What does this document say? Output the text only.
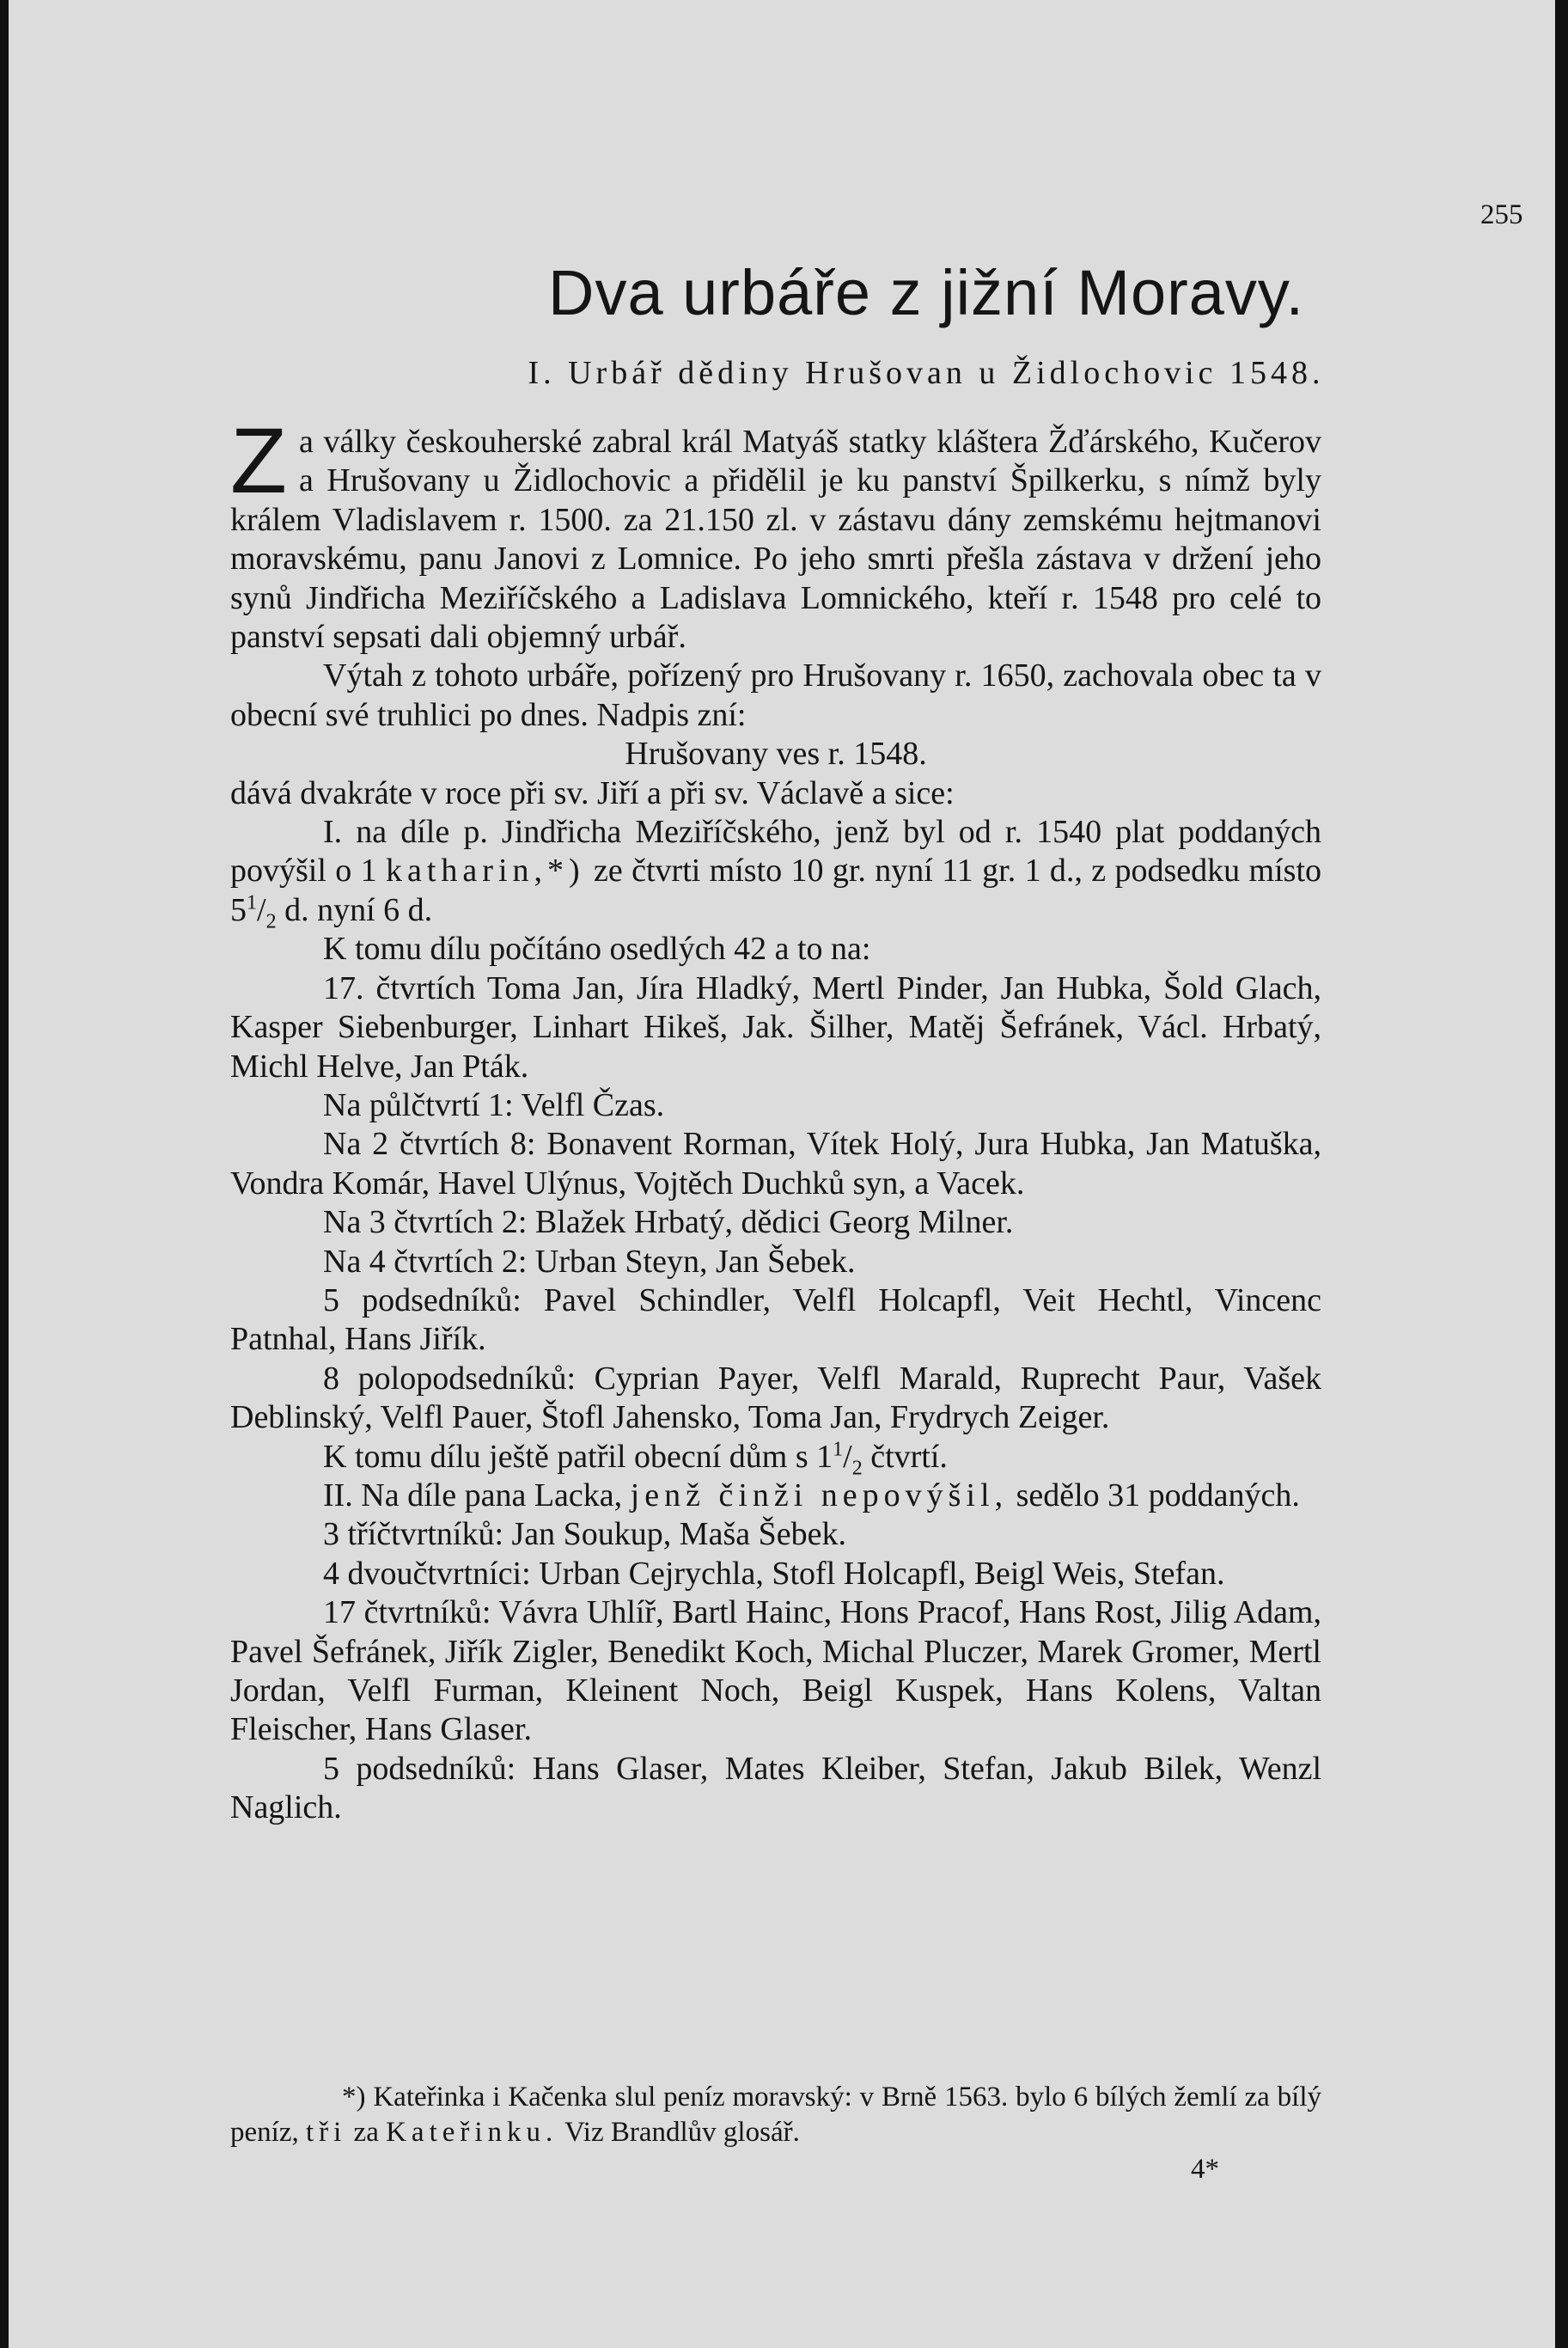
255
Dva urbáře z jižní Moravy.
I. Urbář dědiny Hrušovan u Židlochovic 1548.

Za války českouherské zabral král Matyáš statky kláštera Žďárského, Kučerov a Hrušovany u Židlochovic a přidělil je ku panství Špilkerku, s nímž byly králem Vladislavem r. 1500. za 21.150 zl. v zástavu dány zemskému hejtmanovi moravskému, panu Janovi z Lomnice. Po jeho smrti přešla zástava v držení jeho synů Jindřicha Meziříčského a Ladislava Lomnického, kteří r. 1548 pro celé to panství sepsati dali objemný urbář.

Výtah z tohoto urbáře, pořízený pro Hrušovany r. 1650, zachovala obec ta v obecní své truhlici po dnes. Nadpis zní:

Hrušovany ves r. 1548.

dává dvakráte v roce při sv. Jiří a při sv. Václavě a sice:

I. na díle p. Jindřicha Meziříčského, jenž byl od r. 1540 plat poddaných povýšil o 1 katharin,*) ze čtvrti místo 10 gr. nyní 11 gr. 1 d., z podsedku místo $5^1/_2$ d. nyní 6 d.

K tomu dílu počítáno osedlých 42 a to na:

17. čtvrtích Toma Jan, Jíra Hladký, Mertl Pinder, Jan Hubka, Šold Glach, Kasper Siebenburger, Linhart Hikeš, Jak. Šilher, Matěj Šefránek, Václ. Hrbatý, Michl Helve, Jan Pták.

Na půlčtvrtí 1: Velfl Čzas.

Na 2 čtvrtích 8: Bonavent Rorman, Vítek Holý, Jura Hubka, Jan Matuška, Vondra Komár, Havel Ulýnus, Vojtěch Duchků syn, a Vacek.

Na 3 čtvrtích 2: Blažek Hrbatý, dědici Georg Milner.

Na 4 čtvrtích 2: Urban Steyn, Jan Šebek.

5 podsedníků: Pavel Schindler, Velfl Holcapfl, Veit Hechtl, Vincenc Patnhal, Hans Jiřík.

8 polopodsedníků: Cyprian Payer, Velfl Marald, Ruprecht Paur, Vašek Deblinský, Velfl Pauer, Štofl Jahensko, Toma Jan, Frydrych Zeiger.

K tomu dílu ještě patřil obecní dům s $1^1/_2$ čtvrtí.

II. Na díle pana Lacka, jenž činži nepovýšil, sedělo 31 poddaných.

3 tříčtvrtníků: Jan Soukup, Maša Šebek.

4 dvoučtvrtníci: Urban Cejrychla, Stofl Holcapfl, Beigl Weis, Stefan.

17 čtvrtníků: Vávra Uhlíř, Bartl Hainc, Hons Pracof, Hans Rost, Jilig Adam, Pavel Šefránek, Jiřík Zigler, Benedikt Koch, Michal Pluczer, Marek Gromer, Mertl Jordan, Velfl Furman, Kleinent Noch, Beigl Kuspek, Hans Kolens, Valtan Fleischer, Hans Glaser.

5 podsedníků: Hans Glaser, Mates Kleiber, Stefan, Jakub Bilek, Wenzl Naglich.

*) Kateřinka i Kačenka slul peníz moravský: v Brně 1563. bylo 6 bílých žemlí za bílý peníz, tři za Kateřinku. Viz Brandlův glosář.

4*
